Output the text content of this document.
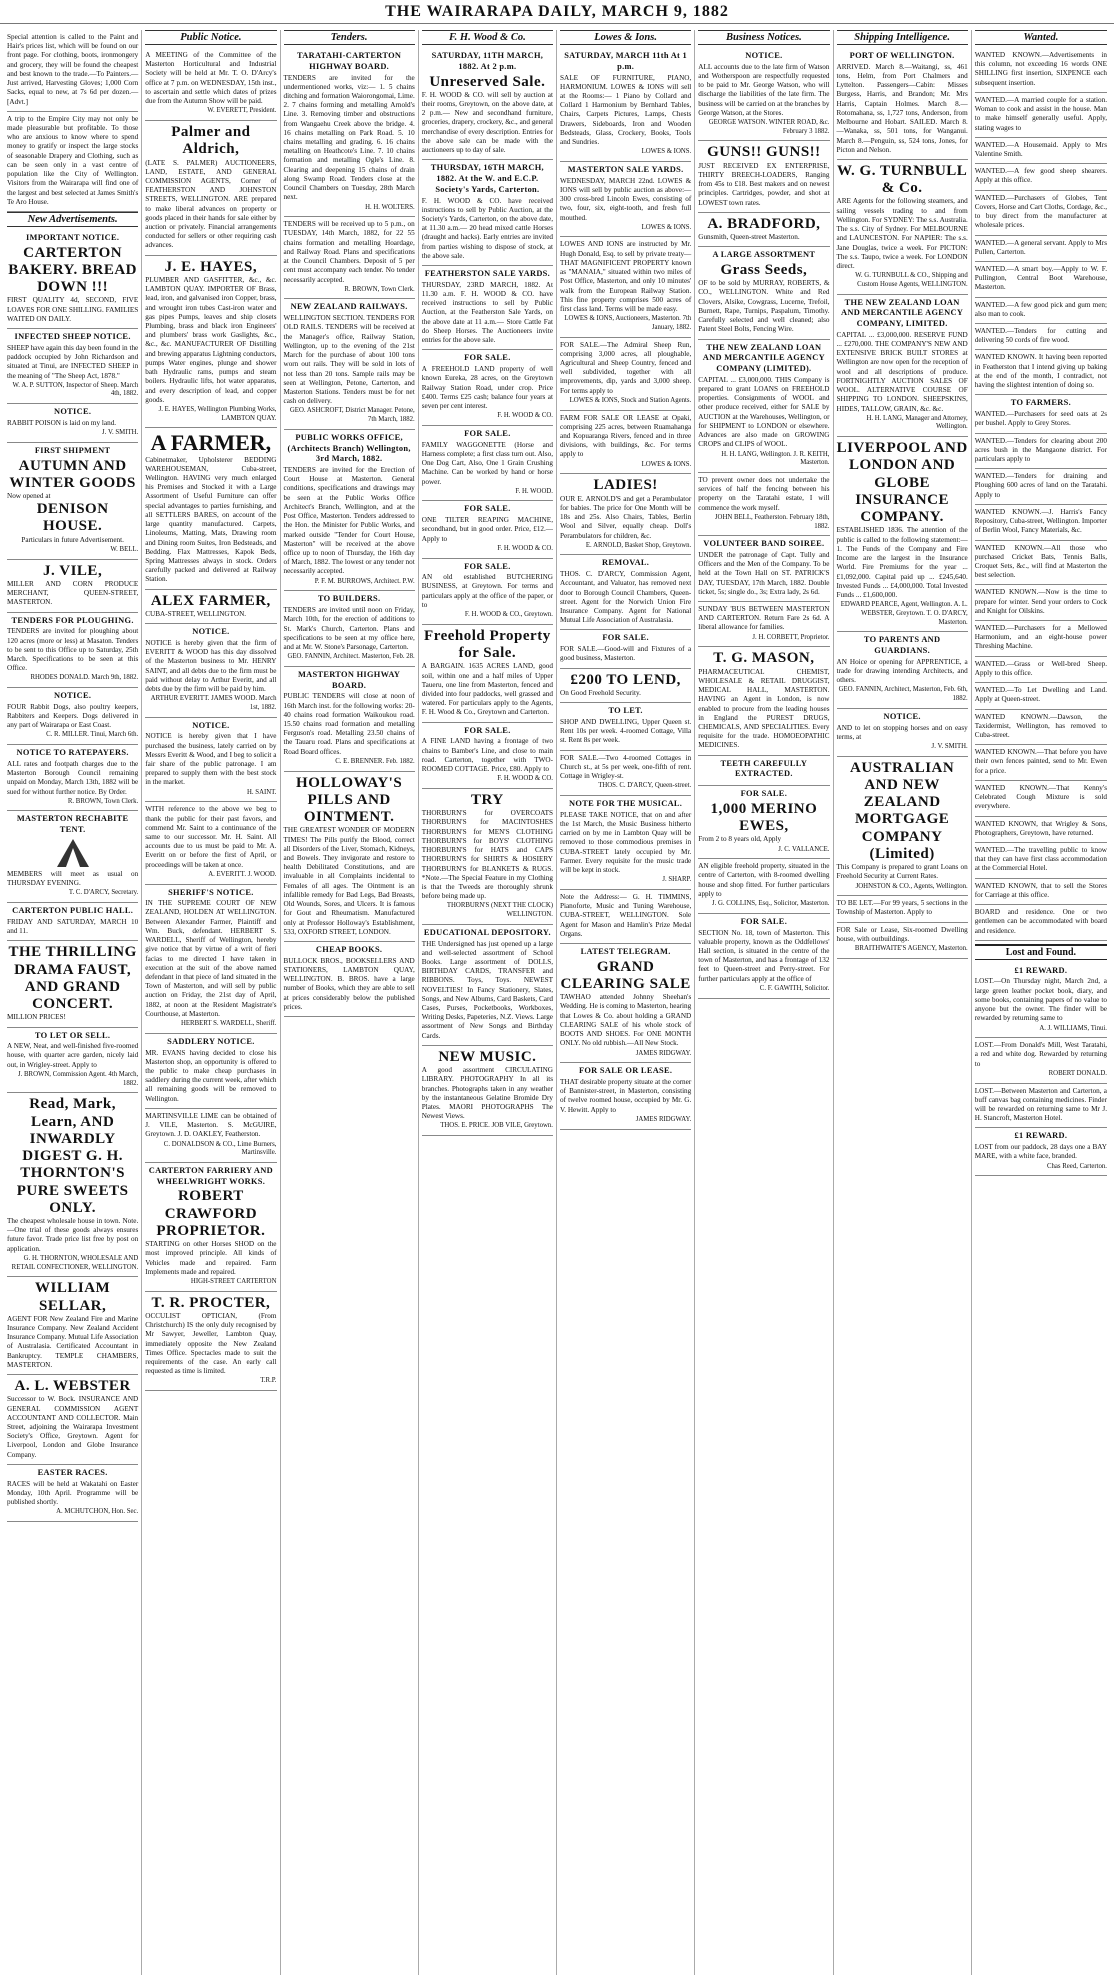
THE WAIRARAPA DAILY, MARCH 9, 1882
Special attention is called to the Paint and Hair's prices list, which will be found on our front page. For clothing, boots, ironmongery and grocery, they will be found the cheapest and best known to the trade.—To Painters.—Just arrived, Harvesting Gloves; 1,000 Corn Sacks, equal to new, at 7s 6d per dozen.—[Advt.]
A trip to the Empire City may not only be made pleasurable but profitable. To those who are anxious to know where to spend money to gratify or inspect the large stocks of seasonable Drapery and Clothing, such as can be seen only in a vast centre of population like the City of Wellington. Visitors from the Wairarapa will find one of the largest and best selected at James Smith's Te Aro House.
New Advertisements.
IMPORTANT NOTICE.
CARTERTON BAKERY. BREAD DOWN !!!
FIRST QUALITY 4d, SECOND, FIVE LOAVES FOR ONE SHILLING. FAMILIES WAITED ON DAILY.
INFECTED SHEEP NOTICE.
SHEEP have again this day been found in the paddock occupied by John Richardson and situated at Tinui, are INFECTED SHEEP in the meaning of "The Sheep Act, 1878."
W. A. P. SUTTON, Inspector of Sheep. March 4th, 1882.
NOTICE.
RABBIT POISON is laid on my land.
J. V. SMITH.
FIRST SHIPMENT
AUTUMN AND WINTER GOODS
Now opened at
DENISON HOUSE.
Particulars in future Advertisement.
W. BELL.
J. VILE,
MILLER AND CORN PRODUCE MERCHANT, QUEEN-STREET, MASTERTON.
TENDERS FOR PLOUGHING.
TENDERS are invited for ploughing about 120 acres (more or less) at Masaton. Tenders to be sent to this Office up to Saturday, 25th March. Specifications to be seen at this Office.
RHODES DONALD. March 9th, 1882.
NOTICE.
FOUR Rabbit Dogs, also poultry keepers, Rabbiters and Keepers. Dogs delivered in any part of Wairarapa or East Coast.
C. R. MILLER. Tinui, March 6th.
NOTICE TO RATEPAYERS.
ALL rates and footpath charges due to the Masterton Borough Council remaining unpaid on Monday, March 13th, 1882 will be sued for without further notice. By Order.
R. BROWN, Town Clerk.
MASTERTON RECHABITE TENT.
MEMBERS will meet as usual on THURSDAY EVENING.
T. C. D'ARCY, Secretary.
CARTERTON PUBLIC HALL.
FRIDAY AND SATURDAY, MARCH 10 and 11.
THE THRILLING DRAMA FAUST, AND GRAND CONCERT.
MILLION PRICES!
TO LET OR SELL.
A NEW, Neat, and well-finished five-roomed house, with quarter acre garden, nicely laid out, in Wrigley-street. Apply to
J. BROWN, Commission Agent. 4th March, 1882.
Read, Mark, Learn, AND INWARDLY DIGEST G. H. THORNTON'S PURE SWEETS ONLY.
The cheapest wholesale house in town. Note.—One trial of these goods always ensures future favor. Trade price list free by post on application.
G. H. THORNTON, WHOLESALE AND RETAIL CONFECTIONER, WELLINGTON.
WILLIAM SELLAR,
AGENT FOR New Zealand Fire and Marine Insurance Company. New Zealand Accident Insurance Company. Mutual Life Association of Australasia. Certificated Accountant in Bankruptcy. TEMPLE CHAMBERS, MASTERTON.
A. L. WEBSTER
Successor to W. Bock. INSURANCE AND GENERAL COMMISSION AGENT ACCOUNTANT AND COLLECTOR. Main Street, adjoining the Wairarapa Investment Society's Office, Greytown. Agent for Liverpool, London and Globe Insurance Company.
EASTER RACES.
RACES will be held at Wakatahi on Easter Monday, 10th April. Programme will be published shortly.
A. MCHUTCHON, Hon. Sec.
Public Notice.
A MEETING of the Committee of the Masterton Horticultural and Industrial Society will be held at Mr. T. O. D'Arcy's office at 7 p.m. on WEDNESDAY, 15th inst., to ascertain and settle which dates of prizes due from the Autumn Show will be paid.
W. EVERETT, President.
Palmer and Aldrich,
(LATE S. PALMER) AUCTIONEERS, LAND, ESTATE, AND GENERAL COMMISSION AGENTS, Corner of FEATHERSTON AND JOHNSTON STREETS, WELLINGTON. ARE prepared to make liberal advances on property or goods placed in their hands for sale either by auction or privately. Financial arrangements conducted for sellers or other requiring cash advances.
J. E. HAYES,
PLUMBER AND GASFITTER, &c., &c. LAMBTON QUAY. IMPORTER OF Brass, lead, iron, and galvanised iron Copper, brass, and wrought iron tubes Cast-iron water and gas pipes Pumps, leaves and ship closets Plumbing, brass and black iron Engineers' and plumbers' brass work Gaslights, &c., &c., &c. MANUFACTURER OF Distilling and brewing apparatus Lightning conductors, pumps Water engines, plunge and shower bath Hydraulic rams, pumps and steam boilers. Hydraulic lifts, hot water apparatus, and every description of lead, and copper goods.
J. E. HAYES, Wellington Plumbing Works, LAMBTON QUAY.
A FARMER,
Cabinetmaker, Upholsterer BEDDING WAREHOUSEMAN, Cuba-street, Wellington. HAVING very much enlarged his Premises and Stocked it with a Large Assortment of Useful Furniture can offer special advantages to parties furnishing, and all SETTLERS BARES, on account of the large quantity manufactured. Carpets, Linoleums, Matting, Mats, Drawing room and Dining room Suites, Iron Bedsteads, and Bedding. Flax Mattresses, Kapok Beds, Spring Mattresses always in stock. Orders carefully packed and delivered at Railway Station.
ALEX FARMER,
CUBA-STREET, WELLINGTON.
NOTICE.
NOTICE is hereby given that the firm of EVERITT & WOOD has this day dissolved of the Masterton business to Mr. HENRY SAINT, and all debts due to the firm must be paid without delay to Arthur Everitt, and all debts due by the firm will be paid by him.
ARTHUR EVERITT. JAMES WOOD. March 1st, 1882.
NOTICE.
NOTICE is hereby given that I have purchased the business, lately carried on by Messrs Everitt & Wood, and I beg to solicit a fair share of the public patronage. I am prepared to supply them with the best stock in the market.
H. SAINT.
WITH reference to the above we beg to thank the public for their past favors, and commend Mr. Saint to a continuance of the same to our successor. Mr. H. Saint. All accounts due to us must be paid to Mr. A. Everitt on or before the first of April, or proceedings will be taken at once.
A. EVERITT. J. WOOD.
SHERIFF'S NOTICE.
IN THE SUPREME COURT OF NEW ZEALAND, HOLDEN AT WELLINGTON. Between Alexander Farmer, Plaintiff and Wm. Buck, defendant. HERBERT S. WARDELL, Sheriff of Wellington, hereby give notice that by virtue of a writ of fieri facias to me directed I have taken in execution at the suit of the above named defendant in that piece of land situated in the Town of Masterton, and will sell by public auction on Friday, the 21st day of April, 1882, at noon at the Resident Magistrate's Courthouse, at Masterton.
HERBERT S. WARDELL, Sheriff.
SADDLERY NOTICE.
MR. EVANS having decided to close his Masterton shop, an opportunity is offered to the public to make cheap purchases in saddlery during the current week, after which all remaining goods will be removed to Wellington.
MARTINSVILLE LIME can be obtained of J. VILE, Masterton. S. McGUIRE, Greytown. J. D. OAKLEY, Featherston.
C. DONALDSON & CO., Lime Burners, Martinsville.
CARTERTON FARRIERY AND WHEELWRIGHT WORKS.
ROBERT CRAWFORD PROPRIETOR.
STARTING on other Horses SHOD on the most improved principle. All kinds of Vehicles made and repaired. Farm Implements made and repaired.
HIGH-STREET CARTERTON
T. R. PROCTER,
OCCULIST OPTICIAN, (From Christchurch) IS the only duly recognised by Mr Sawyer, Jeweller, Lambton Quay, immediately opposite the New Zealand Times Office. Spectacles made to suit the requirements of the case. An early call requested as time is limited.
T.R.P.
Tenders.
TARATAHI-CARTERTON HIGHWAY BOARD.
TENDERS are invited for the undermentioned works, viz:— 1. 5 chains ditching and formation Waiorongomai, Lime. 2. 7 chains forming and metalling Arnold's Line. 3. Removing timber and obstructions from Wangaehu Creek above the bridge. 4. 16 chains metalling on Park Road. 5. 10 chains metalling and grading. 6. 16 chains metalling on Heathcote's Line. 7. 10 chains formation and metalling Ogle's Line. 8. Clearing and deepening 15 chains of drain along Swamp Road. Tenders close at the Council Chambers on Tuesday, 28th March next.
H. H. WOLTERS.
TENDERS will be received up to 5 p.m., on TUESDAY, 14th March, 1882, for 22 55 chains formation and metalling Hoardage, and Railway Road. Plans and specifications at the Council Chambers. Deposit of 5 per cent must accompany each tender. No tender necessarily accepted.
R. BROWN, Town Clerk.
NEW ZEALAND RAILWAYS.
WELLINGTON SECTION. TENDERS FOR OLD RAILS. TENDERS will be received at the Manager's office, Railway Station, Wellington, up to the evening of the 21st March for the purchase of about 100 tons worn out rails. They will be sold in lots of not less than 20 tons. Sample rails may be seen at Wellington, Petone, Carterton, and Masterton Stations. Tenders must be for net cash on delivery.
GEO. ASHCROFT, District Manager. Petone, 7th March, 1882.
PUBLIC WORKS OFFICE, (Architects Branch) Wellington, 3rd March, 1882.
TENDERS are invited for the Erection of Court House at Masterton. General conditions, specifications and drawings may be seen at the Public Works Office Architect's Branch, Wellington, and at the Post Office, Masterton. Tenders addressed to the Hon. the Minister for Public Works, and marked outside "Tender for Court House, Masterton" will be received at the above office up to noon of Thursday, the 16th day of March, 1882. The lowest or any tender not necessarily accepted.
P. F. M. BURROWS, Architect. P.W.
TO BUILDERS.
TENDERS are invited until noon on Friday, March 10th, for the erection of additions to St. Mark's Church, Carterton. Plans and specifications to be seen at my office here, and at Mr. W. Stone's Parsonage, Carterton.
GEO. FANNIN, Architect. Masterton, Feb. 28.
MASTERTON HIGHWAY BOARD.
PUBLIC TENDERS will close at noon of 16th March inst. for the following works: 20-40 chains road formation Waikoukou road. 15.50 chains road formation and metalling Ferguson's road. Metalling 23.50 chains of the Tauaru road. Plans and specifications at Road Board offices.
C. E. BRENNER. Feb. 1882.
HOLLOWAY'S PILLS AND OINTMENT.
THE GREATEST WONDER OF MODERN TIMES! The Pills purify the Blood, correct all Disorders of the Liver, Stomach, Kidneys, and Bowels. They invigorate and restore to health Debilitated Constitutions, and are invaluable in all Complaints incidental to Females of all ages. The Ointment is an infallible remedy for Bad Legs, Bad Breasts, Old Wounds, Sores, and Ulcers. It is famous for Gout and Rheumatism. Manufactured only at Professor Holloway's Establishment, 533, OXFORD STREET, LONDON.
CHEAP BOOKS.
BULLOCK BROS., BOOKSELLERS AND STATIONERS, LAMBTON QUAY, WELLINGTON. B. BROS. have a large number of Books, which they are able to sell at prices considerably below the published prices.
F. H. Wood & Co.
SATURDAY, 11TH MARCH, 1882. At 2 p.m.
Unreserved Sale.
F. H. WOOD & CO. will sell by auction at their rooms, Greytown, on the above date, at 2 p.m.— New and secondhand furniture, groceries, drapery, crockery, &c., and general merchandise of every description. Entries for the above sale can be made with the auctioneers up to day of sale.
THURSDAY, 16TH MARCH, 1882. At the W. and E.C.P. Society's Yards, Carterton.
F. H. WOOD & CO. have received instructions to sell by Public Auction, at the Society's Yards, Carterton, on the above date, at 11.30 a.m.— 20 head mixed cattle Horses (draught and hacks). Early entries are invited from parties wishing to dispose of stock, at the above sale.
FEATHERSTON SALE YARDS.
THURSDAY, 23RD MARCH, 1882. At 11.30 a.m. F. H. WOOD & CO. have received instructions to sell by Public Auction, at the Featherston Sale Yards, on the above date at 11 a.m.— Store Cattle Fat do Sheep Horses. The Auctioneers invite entries for the above sale.
FOR SALE.
A FREEHOLD LAND property of well known Eureka, 28 acres, on the Greytown Railway Station Road, under crop. Price £400. Terms £25 cash; balance four years at seven per cent interest.
F. H. WOOD & CO.
FOR SALE.
FAMILY WAGGONETTE (Horse and Harness complete; a first class turn out. Also, One Dog Cart, Also, One 1 Grain Crushing Machine. Can be worked by hand or horse power.
F. H. WOOD.
FOR SALE.
ONE TILTER REAPING MACHINE, secondhand, but in good order. Price, £12.—Apply to
F. H. WOOD & CO.
FOR SALE.
AN old established BUTCHERING BUSINESS, at Greytown. For terms and particulars apply at the office of the paper, or to
F. H. WOOD & CO., Greytown.
Freehold Property for Sale.
A BARGAIN. 1635 ACRES LAND, good soil, within one and a half miles of Upper Taueru, one line from Masterton, fenced and divided into four paddocks, well grassed and watered. For particulars apply to the Agents, F. H. Wood & Co., Greytown and Carterton.
FOR SALE.
A FINE LAND having a frontage of two chains to Bamber's Line, and close to main road. Carterton, together with TWO-ROOMED COTTAGE. Price, £80. Apply to
F. H. WOOD & CO.
TRY
THORBURN'S for OVERCOATS THORBURN'S for MACINTOSHES THORBURN'S for MEN'S CLOTHING THORBURN'S for BOYS' CLOTHING THORBURN'S for HATS and CAPS THORBURN'S for SHIRTS & HOSIERY THORBURN'S for BLANKETS & RUGS. *Note.—The Special Feature in my Clothing is that the Tweeds are thoroughly shrunk before being made up.
THORBURN'S (NEXT THE CLOCK) WELLINGTON.
EDUCATIONAL DEPOSITORY.
THE Undersigned has just opened up a large and well-selected assortment of School Books. Large assortment of DOLLS, BIRTHDAY CARDS, TRANSFER and RIBBONS. Toys, Toys. NEWEST NOVELTIES! In Fancy Stationery, Slates, Songs, and New Albums, Card Baskets, Card Cases, Purses, Pocketbooks, Workboxes, Writing Desks, Papeteries, N.Z. Views. Large assortment of New Songs and Birthday Cards.
NEW MUSIC.
A good assortment CIRCULATING LIBRARY. PHOTOGRAPHY In all its branches. Photographs taken in any weather by the instantaneous Gelatine Bromide Dry Plates. MAORI PHOTOGRAPHS The Newest Views.
THOS. E. PRICE. JOB VILE, Greytown.
Lowes & Ions.
SATURDAY, MARCH 11th At 1 p.m.
SALE OF FURNITURE, PIANO, HARMONIUM. LOWES & IONS will sell at the Rooms:— 1 Piano by Collard and Collard 1 Harmonium by Bernhard Tables, Chairs, Carpets Pictures, Lamps, Chests Drawers, Sideboards, Iron and Wooden Bedsteads, Glass, Crockery, Books, Tools and Sundries.
LOWES & IONS.
MASTERTON SALE YARDS.
WEDNESDAY, MARCH 22nd. LOWES & IONS will sell by public auction as above:— 300 cross-bred Lincoln Ewes, consisting of two, four, six, eight-tooth, and fresh full mouthed.
LOWES & IONS.
LOWES AND IONS are instructed by Mr. Hugh Donald, Esq. to sell by private treaty— THAT MAGNIFICENT PROPERTY known as "MANAIA," situated within two miles of Post Office, Masterton, and only 10 minutes' walk from the European Railway Station. This fine property comprises 500 acres of first class land. Terms will be made easy.
LOWES & IONS, Auctioneers, Masterton. 7th January, 1882.
FOR SALE.—The Admiral Sheep Run, comprising 3,000 acres, all ploughable, Agricultural and Sheep Country, fenced and well subdivided, together with all improvements, dip, yards and 3,000 sheep. For terms apply to
LOWES & IONS, Stock and Station Agents.
FARM FOR SALE OR LEASE at Opaki, comprising 225 acres, between Ruamahanga and Kopuaranga Rivers, fenced and in three divisions, with buildings, &c. For terms apply to
LOWES & IONS.
LADIES!
OUR E. ARNOLD'S and get a Perambulator for babies. The price for One Month will be 18s and 25s. Also Chairs, Tables, Berlin Wool and Silver, equally cheap. Doll's Perambulators for children, &c.
E. ARNOLD, Basket Shop, Greytown.
REMOVAL.
THOS. C. D'ARCY, Commission Agent, Accountant, and Valuator, has removed next door to Borough Council Chambers, Queen-street. Agent for the Norwich Union Fire Insurance Company. Agent for National Mutual Life Association of Australasia.
FOR SALE.
FOR SALE.—Good-will and Fixtures of a good business, Masterton.
£200 TO LEND,
On Good Freehold Security.
TO LET.
SHOP AND DWELLING, Upper Queen st. Rent 10s per week. 4-roomed Cottage, Villa st. Rent 8s per week.
FOR SALE.—Two 4-roomed Cottages in Church st., at 5s per week, one-fifth of rent. Cottage in Wrigley-st.
THOS. C. D'ARCY, Queen-street.
NOTE FOR THE MUSICAL.
PLEASE TAKE NOTICE, that on and after the 1st March, the Music Business hitherto carried on by me in Lambton Quay will be removed to those commodious premises in CUBA-STREET lately occupied by Mr. Farmer. Every requisite for the music trade will be kept in stock.
J. SHARP.
Note the Address:— G. H. TIMMINS, Pianoforte, Music and Tuning Warehouse, CUBA-STREET, WELLINGTON. Sole Agent for Mason and Hamlin's Prize Medal Organs.
LATEST TELEGRAM.
GRAND CLEARING SALE
TAWHAO attended Johnny Sheehan's Wedding. He is coming to Masterton, hearing that Lowes & Co. about holding a GRAND CLEARING SALE of his whole stock of BOOTS AND SHOES. For ONE MONTH ONLY. No old rubbish.—All New Stock.
JAMES RIDGWAY.
FOR SALE OR LEASE.
THAT desirable property situate at the corner of Bannister-street, in Masterton, consisting of twelve roomed house, occupied by Mr. G. V. Hewitt. Apply to
JAMES RIDGWAY.
Business Notices.
NOTICE.
ALL accounts due to the late firm of Watson and Wotherspoon are respectfully requested to be paid to Mr. George Watson, who will discharge the liabilities of the late firm. The business will be carried on at the branches by George Watson, at the Stores.
GEORGE WATSON. WINTER ROAD, &c. February 3 1882.
GUNS!! GUNS!!
JUST RECEIVED EX ENTERPRISE, THIRTY BREECH-LOADERS, Ranging from 45s to £18. Best makers and on newest principles. Cartridges, powder, and shot at LOWEST town rates.
A. BRADFORD,
Gunsmith, Queen-street Masterton.
A LARGE ASSORTMENT
Grass Seeds,
OF to be sold by MURRAY, ROBERTS, & CO., WELLINGTON. White and Red Clovers, Alsike, Cowgrass, Lucerne, Trefoil, Burnett, Rape, Turnips, Paspalum, Timothy. Carefully selected and well cleaned; also Patent Steel Bolts, Fencing Wire.
THE NEW ZEALAND LOAN AND MERCANTILE AGENCY COMPANY (LIMITED).
CAPITAL ... £3,000,000. THIS Company is prepared to grant LOANS on FREEHOLD properties. Consignments of WOOL and other produce received, either for SALE by AUCTION at the Warehouses, Wellington, or for SHIPMENT to LONDON or elsewhere. Advances are also made on GROWING CROPS and CLIPS of WOOL.
H. H. LANG, Wellington. J. R. KEITH, Masterton.
TO prevent owner does not undertake the services of half the fencing between his property on the Taratahi estate, I will commence the work myself.
JOHN BELL, Featherston. February 18th, 1882.
VOLUNTEER BAND SOIREE.
UNDER the patronage of Capt. Tully and Officers and the Men of the Company. To be held at the Town Hall on ST. PATRICK'S DAY, TUESDAY, 17th March, 1882. Double ticket, 5s; single do., 3s; Extra lady, 2s 6d.
SUNDAY 'BUS BETWEEN MASTERTON AND CARTERTON. Return Fare 2s 6d. A liberal allowance for families.
J. H. CORBETT, Proprietor.
T. G. MASON,
PHARMACEUTICAL CHEMIST, WHOLESALE & RETAIL DRUGGIST, MEDICAL HALL, MASTERTON. HAVING an Agent in London, is now enabled to procure from the leading houses in England the PUREST DRUGS, CHEMICALS, AND SPECIALITIES. Every requisite for the trade. HOMOEOPATHIC MEDICINES.
TEETH CAREFULLY EXTRACTED.
FOR SALE.
1,000 MERINO EWES,
From 2 to 8 years old, Apply
J. C. VALLANCE.
AN eligible freehold property, situated in the centre of Carterton, with 8-roomed dwelling house and shop fitted. For further particulars apply to
J. G. COLLINS, Esq., Solicitor, Masterton.
FOR SALE.
SECTION No. 18, town of Masterton. This valuable property, known as the Oddfellows' Hall section, is situated in the centre of the town of Masterton, and has a frontage of 132 feet to Queen-street and Perry-street. For further particulars apply at the office of
C. F. GAWITH, Solicitor.
Shipping Intelligence.
PORT OF WELLINGTON.
ARRIVED. March 8.—Waitangi, ss, 461 tons, Helm, from Port Chalmers and Lyttelton. Passengers—Cabin: Misses Burgess, Harris, and Brandon; Mr. Mrs Harris, Captain Holmes. March 8.—Rotomahana, ss, 1,727 tons, Anderson, from Melbourne and Hobart. SAILED. March 8.—Wanaka, ss, 501 tons, for Wanganui. March 8.—Penguin, ss, 524 tons, Jones, for Picton and Nelson.
W. G. TURNBULL & Co.
ARE Agents for the following steamers, and sailing vessels trading to and from Wellington. For SYDNEY: The s.s. Australia. The s.s. City of Sydney. For MELBOURNE and LAUNCESTON. For NAPIER: The s.s. Jane Douglas, twice a week. For PICTON: The s.s. Taupo, twice a week. For LONDON direct.
W. G. TURNBULL & CO., Shipping and Custom House Agents, WELLINGTON.
THE NEW ZEALAND LOAN AND MERCANTILE AGENCY COMPANY, LIMITED.
CAPITAL ... £3,000,000. RESERVE FUND ... £270,000. THE COMPANY'S NEW AND EXTENSIVE BRICK BUILT STORES at Wellington are now open for the reception of wool and all descriptions of produce. FORTNIGHTLY AUCTION SALES OF WOOL. ALTERNATIVE COURSE OF SHIPPING TO LONDON. SHEEPSKINS, HIDES, TALLOW, GRAIN, &c. &c.
H. H. LANG, Manager and Attorney, Wellington.
LIVERPOOL AND LONDON AND GLOBE INSURANCE COMPANY.
ESTABLISHED 1836. The attention of the public is called to the following statement:— 1. The Funds of the Company and Fire Income are the largest in the Insurance World. Fire Premiums for the year ... £1,092,000. Capital paid up ... £245,640. Invested Funds ... £4,000,000. Total Invested Funds ... £1,600,000.
EDWARD PEARCE, Agent, Wellington. A. L. WEBSTER, Greytown. T. O. D'ARCY, Masterton.
TO PARENTS AND GUARDIANS.
AN Hoice or opening for APPRENTICE, a trade for drawing intending Architects, and others.
GEO. FANNIN, Architect, Masterton, Feb. 6th, 1882.
NOTICE.
AND to let on stopping horses and on easy terms, at
J. V. SMITH.
AUSTRALIAN AND NEW ZEALAND MORTGAGE COMPANY (Limited)
This Company is prepared to grant Loans on Freehold Security at Current Rates.
JOHNSTON & CO., Agents, Wellington.
TO BE LET.—For 99 years, 5 sections in the Township of Masterton. Apply to
FOR Sale or Lease, Six-roomed Dwelling house, with outbuildings.
BRAITHWAITE'S AGENCY, Masterton.
Wanted.
WANTED KNOWN.—Advertisements in this column, not exceeding 16 words ONE SHILLING first insertion, SIXPENCE each subsequent insertion.
WANTED.—A married couple for a station. Woman to cook and assist in the house. Man to make himself generally useful. Apply, stating wages to
WANTED.—A Housemaid. Apply to Mrs Valentine Smith.
WANTED.—A few good sheep shearers. Apply at this office.
WANTED.—Purchasers of Globes, Tent Covers, Horse and Cart Cloths, Cordage, &c., to buy direct from the manufacturer at wholesale prices.
WANTED.—A general servant. Apply to Mrs Pullen, Carterton.
WANTED.—A smart boy.—Apply to W. F. Pullington, Central Boot Warehouse, Masterton.
WANTED.—A few good pick and gum men; also man to cook.
WANTED.—Tenders for cutting and delivering 50 cords of fire wood.
WANTED KNOWN. It having been reported in Featherston that I intend giving up baking at the end of the month, I contradict, not having the slightest intention of doing so.
TO FARMERS.
WANTED.—Purchasers for seed oats at 2s per bushel. Apply to Grey Stores.
WANTED.—Tenders for clearing about 200 acres bush in the Mangaone district. For particulars apply to
WANTED.—Tenders for draining and Ploughing 600 acres of land on the Taratahi. Apply to
WANTED KNOWN.—J. Harris's Fancy Repository, Cuba-street, Wellington. Importer of Berlin Wool, Fancy Materials, &c.
WANTED KNOWN.—All those who purchased Cricket Bats, Tennis Balls, Croquet Sets, &c., will find at Masterton the best selection.
WANTED KNOWN.—Now is the time to prepare for winter. Send your orders to Cock and Knight for Oilskins.
WANTED.—Purchasers for a Mellowed Harmonium, and an eight-house power Threshing Machine.
WANTED.—Grass or Well-bred Sheep. Apply to this office.
WANTED.—To Let Dwelling and Land. Apply at Queen-street.
WANTED KNOWN.—Dawson, the Taxidermist, Wellington, has removed to Cuba-street.
WANTED KNOWN.—That before you have their own fences painted, send to Mr. Ewen for a price.
WANTED KNOWN.—That Kenny's Celebrated Cough Mixture is sold everywhere.
WANTED KNOWN, that Wrigley & Sons, Photographers, Greytown, have returned.
WANTED.—The travelling public to know that they can have first class accommodation at the Commercial Hotel.
WANTED KNOWN, that to sell the Stores for Carriage at this office.
BOARD and residence. One or two gentlemen can be accommodated with board and residence.
Lost and Found.
£1 REWARD.
LOST.—On Thursday night, March 2nd, a large green leather pocket book, diary, and some books, containing papers of no value to anyone but the owner. The finder will be rewarded by returning same to
A. J. WILLIAMS, Tinui.
LOST.—From Donald's Mill, West Taratahi, a red and white dog. Rewarded by returning to
ROBERT DONALD.
LOST.—Between Masterton and Carterton, a buff canvas bag containing medicines. Finder will be rewarded on returning same to Mr J. H. Stancroft, Masterton Hotel.
£1 REWARD.
LOST from our paddock, 28 days one a BAY MARE, with a white face, branded.
Chas Reed, Carterton.
